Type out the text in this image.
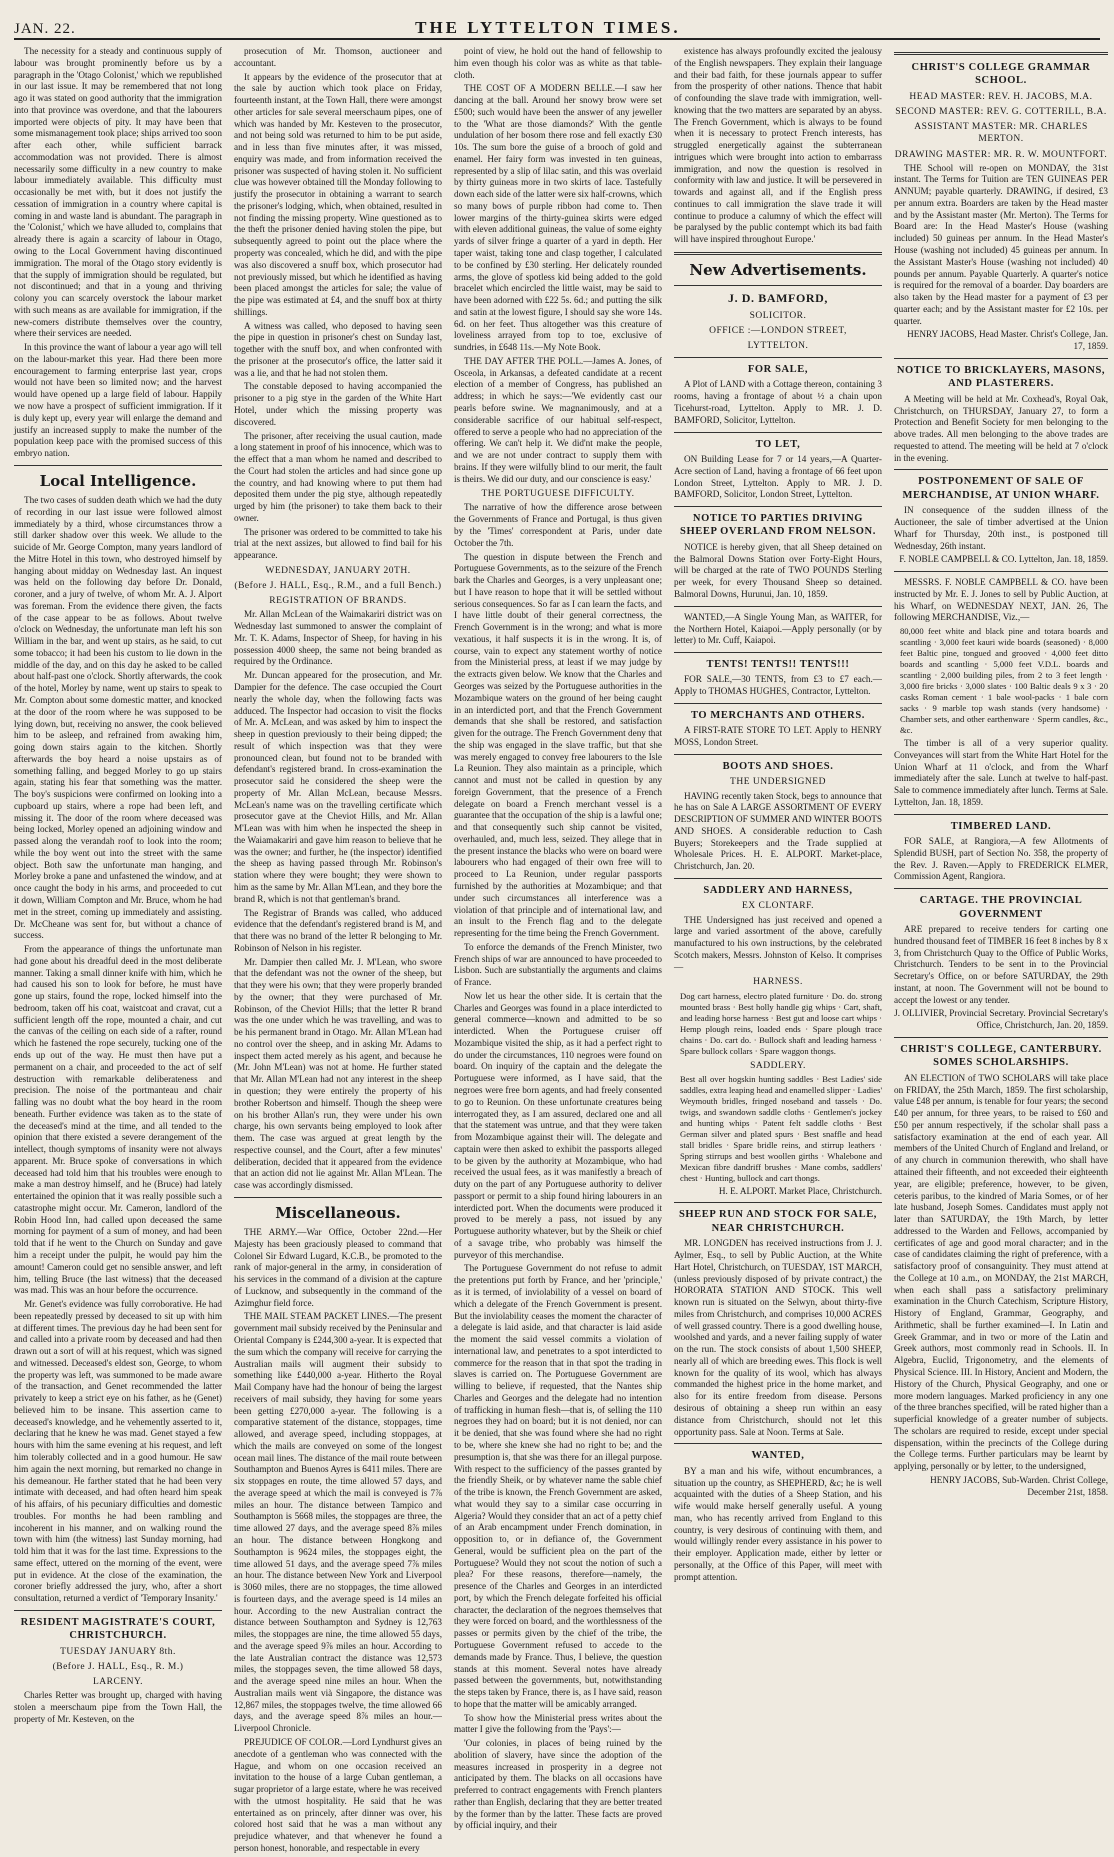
JAN. 22.	THE LYTTELTON TIMES.

The necessity for a steady and continuous supply of labour was brought prominently before us by a paragraph in the 'Otago Colonist,' which we republished in our last issue. It may be remembered that not long ago it was stated on good authority that the immigration into that province was overdone, and that the labourers imported were objects of pity. It may have been that some mismanagement took place; ships arrived too soon after each other, while sufficient barrack accommodation was not provided. There is almost necessarily some difficulty in a new country to make labour immediately available. This difficulty must occasionally be met with, but it does not justify the cessation of immigration in a country where capital is coming in and waste land is abundant. The paragraph in the 'Colonist,' which we have alluded to, complains that already there is again a scarcity of labour in Otago, owing to the Local Government having discontinued immigration. The moral of the Otago story evidently is that the supply of immigration should be regulated, but not discontinued; and that in a young and thriving colony you can scarcely overstock the labour market with such means as are available for immigration, if the new-comers distribute themselves over the country, where their services are needed.

In this province the want of labour a year ago will tell on the labour-market this year. Had there been more encouragement to farming enterprise last year, crops would not have been so limited now; and the harvest would have opened up a large field of labour. Happily we now have a prospect of sufficient immigration. If it is duly kept up, every year will enlarge the demand and justify an increased supply to make the number of the population keep pace with the promised success of this embryo nation.

Local Intelligence.

The two cases of sudden death which we had the duty of recording in our last issue were followed almost immediately by a third, whose circumstances throw a still darker shadow over this week. We allude to the suicide of Mr. George Compton, many years landlord of the Mitre Hotel in this town, who destroyed himself by hanging about midday on Wednesday last. An inquest was held on the following day before Dr. Donald, coroner, and a jury of twelve, of whom Mr. A. J. Alport was foreman. From the evidence there given, the facts of the case appear to be as follows. About twelve o'clock on Wednesday, the unfortunate man left his son William in the bar, and went up stairs, as he said, to cut some tobacco; it had been his custom to lie down in the middle of the day, and on this day he asked to be called about half-past one o'clock. Shortly afterwards, the cook of the hotel, Morley by name, went up stairs to speak to Mr. Compton about some domestic matter, and knocked at the door of the room where he was supposed to be lying down, but, receiving no answer, the cook believed him to be asleep, and refrained from awaking him, going down stairs again to the kitchen. Shortly afterwards the boy heard a noise upstairs as of something falling, and begged Morley to go up stairs again, stating his fear that something was the matter. The boy's suspicions were confirmed on looking into a cupboard up stairs, where a rope had been left, and missing it. The door of the room where deceased was being locked, Morley opened an adjoining window and passed along the verandah roof to look into the room; while the boy went out into the street with the same object. Both saw the unfortunate man hanging, and Morley broke a pane and unfastened the window, and at once caught the body in his arms, and proceeded to cut it down, William Compton and Mr. Bruce, whom he had met in the street, coming up immediately and assisting. Dr. McCheane was sent for, but without a chance of success.

From the appearance of things the unfortunate man had gone about his dreadful deed in the most deliberate manner. Taking a small dinner knife with him, which he had caused his son to look for before, he must have gone up stairs, found the rope, locked himself into the bedroom, taken off his coat, waistcoat and cravat, cut a sufficient length off the rope, mounted a chair, and cut the canvas of the ceiling on each side of a rafter, round which he fastened the rope securely, tucking one of the ends up out of the way. He must then have put a permanent on a chair, and proceeded to the act of self destruction with remarkable deliberateness and precision. The noise of the portmanteau and chair falling was no doubt what the boy heard in the room beneath. Further evidence was taken as to the state of the deceased's mind at the time, and all tended to the opinion that there existed a severe derangement of the intellect, though symptoms of insanity were not always apparent. Mr. Bruce spoke of conversations in which deceased had told him that his troubles were enough to make a man destroy himself, and he (Bruce) had lately entertained the opinion that it was really possible such a catastrophe might occur. Mr. Cameron, landlord of the Robin Hood Inn, had called upon deceased the same morning for payment of a sum of money, and had been told that if he went to the Church on Sunday and gave him a receipt under the pulpit, he would pay him the amount! Cameron could get no sensible answer, and left him, telling Bruce (the last witness) that the deceased was mad. This was an hour before the occurrence.

Mr. Genet's evidence was fully corroborative. He had been repeatedly pressed by deceased to sit up with him at different times. The previous day he had been sent for and called into a private room by deceased and had then drawn out a sort of will at his request, which was signed and witnessed. Deceased's eldest son, George, to whom the property was left, was summoned to be made aware of the transaction, and Genet recommended the latter privately to keep a strict eye on his father, as he (Genet) believed him to be insane. This assertion came to deceased's knowledge, and he vehemently asserted to it, declaring that he knew he was mad. Genet stayed a few hours with him the same evening at his request, and left him tolerably collected and in a good humour. He saw him again the next morning, but remarked no change in his demeanour. He farther stated that he had been very intimate with deceased, and had often heard him speak of his affairs, of his pecuniary difficulties and domestic troubles. For months he had been rambling and incoherent in his manner, and on walking round the town with him (the witness) last Sunday morning, had told him that it was for the last time. Expressions to the same effect, uttered on the morning of the event, were put in evidence. At the close of the examination, the coroner briefly addressed the jury, who, after a short consultation, returned a verdict of 'Temporary Insanity.'

RESIDENT MAGISTRATE'S COURT, CHRISTCHURCH.
TUESDAY JANUARY 8th.
(Before J. HALL, Esq., R. M.)
LARCENY.

Charles Retter was brought up, charged with having stolen a meerschaum pipe from the Town Hall, the property of Mr. Kesteven, on the

prosecution of Mr. Thomson, auctioneer and accountant.

It appears by the evidence of the prosecutor that at the sale by auction which took place on Friday, fourteenth instant, at the Town Hall, there were amongst other articles for sale several meerschaum pipes, one of which was handed by Mr. Kesteven to the prosecutor, and not being sold was returned to him to be put aside, and in less than five minutes after, it was missed, enquiry was made, and from information received the prisoner was suspected of having stolen it. No sufficient clue was however obtained till the Monday following to justify the prosecutor in obtaining a warrant to search the prisoner's lodging, which, when obtained, resulted in not finding the missing property. Wine questioned as to the theft the prisoner denied having stolen the pipe, but subsequently agreed to point out the place where the property was concealed, which he did, and with the pipe was also discovered a snuff box, which prosecutor had not previously missed, but which he identified as having been placed amongst the articles for sale; the value of the pipe was estimated at £4, and the snuff box at thirty shillings.

A witness was called, who deposed to having seen the pipe in question in prisoner's chest on Sunday last, together with the snuff box, and when confronted with the prisoner at the prosecutor's office, the latter said it was a lie, and that he had not stolen them.

The constable deposed to having accompanied the prisoner to a pig stye in the garden of the White Hart Hotel, under which the missing property was discovered.

The prisoner, after receiving the usual caution, made a long statement in proof of his innocence, which was to the effect that a man whom he named and described to the Court had stolen the articles and had since gone up the country, and had knowing where to put them had deposited them under the pig stye, although repeatedly urged by him (the prisoner) to take them back to their owner.

The prisoner was ordered to be committed to take his trial at the next assizes, but allowed to find bail for his appearance.

WEDNESDAY, JANUARY 20TH.
(Before J. HALL, Esq., R.M., and a full Bench.)
REGISTRATION OF BRANDS.

Mr. Allan McLean of the Waimakariri district was on Wednesday last summoned to answer the complaint of Mr. T. K. Adams, Inspector of Sheep, for having in his possession 4000 sheep, the same not being branded as required by the Ordinance.

Mr. Duncan appeared for the prosecution, and Mr. Dampier for the defence. The case occupied the Court nearly the whole day, when the following facts was adduced. The Inspector had occasion to visit the flocks of Mr. A. McLean, and was asked by him to inspect the sheep in question previously to their being dipped; the result of which inspection was that they were pronounced clean, but found not to be branded with defendant's registered brand. In cross-examination the prosecutor said he considered the sheep were the property of Mr. Allan McLean, because Messrs. McLean's name was on the travelling certificate which prosecutor gave at the Cheviot Hills, and Mr. Allan M'Lean was with him when he inspected the sheep in the Waiamakariri and gave him reason to believe that he was the owner; and further, he (the inspector) identified the sheep as having passed through Mr. Robinson's station where they were bought; they were shown to him as the same by Mr. Allan M'Lean, and they bore the brand R, which is not that gentleman's brand.

The Registrar of Brands was called, who adduced evidence that the defendant's registered brand is M, and that there was no brand of the letter R belonging to Mr. Robinson of Nelson in his register.

Mr. Dampier then called Mr. J. M'Lean, who swore that the defendant was not the owner of the sheep, but that they were his own; that they were properly branded by the owner; that they were purchased of Mr. Robinson, of the Cheviot Hills; that the letter R brand was the one under which he was travelling, and was to be his permanent brand in Otago. Mr. Allan M'Lean had no control over the sheep, and in asking Mr. Adams to inspect them acted merely as his agent, and because he (Mr. John M'Lean) was not at home. He further stated that Mr. Allan M'Lean had not any interest in the sheep in question; they were entirely the property of his brother Robertson and himself. Though the sheep were on his brother Allan's run, they were under his own charge, his own servants being employed to look after them. The case was argued at great length by the respective counsel, and the Court, after a few minutes' deliberation, decided that it appeared from the evidence that an action did not lie against Mr. Allan M'Lean. The case was accordingly dismissed.

Miscellaneous.

THE ARMY.—War Office, October 22nd.—Her Majesty has been graciously pleased to command that Colonel Sir Edward Lugard, K.C.B., be promoted to the rank of major-general in the army, in consideration of his services in the command of a division at the capture of Lucknow, and subsequently in the command of the Azimghur field force.

THE MAIL STEAM PACKET LINES.—The present government mail subsidy received by the Peninsular and Oriental Company is £244,300 a-year. It is expected that the sum which the company will receive for carrying the Australian mails will augment their subsidy to something like £440,000 a-year. Hitherto the Royal Mail Company have had the honour of being the largest receivers of mail subsidy, they having for some years been getting £270,000 a-year. The following is a comparative statement of the distance, stoppages, time allowed, and average speed, including stoppages, at which the mails are conveyed on some of the longest ocean mail lines. The distance of the mail route between Southampton and Buenos Ayres is 6411 miles. There are six stoppages en route, the time allowed 57 days, and the average speed at which the mail is conveyed is 7⅞ miles an hour. The distance between Tampico and Southampton is 5668 miles, the stoppages are three, the time allowed 27 days, and the average speed 8⅞ miles an hour. The distance between Hongkong and Southampton is 9624 miles, the stoppages eight, the time allowed 51 days, and the average speed 7⅞ miles an hour. The distance between New York and Liverpool is 3060 miles, there are no stoppages, the time allowed is fourteen days, and the average speed is 14 miles an hour. According to the new Australian contract the distance between Southampton and Sydney is 12,763 miles, the stoppages are nine, the time allowed 55 days, and the average speed 9⅞ miles an hour. According to the late Australian contract the distance was 12,573 miles, the stoppages seven, the time allowed 58 days, and the average speed nine miles an hour. When the Australian mails went vià Singapore, the distance was 12,867 miles, the stoppages twelve, the time allowed 66 days, and the average speed 8⅞ miles an hour.—Liverpool Chronicle.

PREJUDICE OF COLOR.—Lord Lyndhurst gives an anecdote of a gentleman who was connected with the Hague, and whom on one occasion received an invitation to the house of a large Cuban gentleman, a sugar proprietor of a large estate, where he was received with the utmost hospitality. He said that he was entertained as on princely, after dinner was over, his colored host said that he was a man without any prejudice whatever, and that whenever he found a person honest, honorable, and respectable in every

point of view, he hold out the hand of fellowship to him even though his color was as white as that table-cloth.

THE COST OF A MODERN BELLE.—I saw her dancing at the ball. Around her snowy brow were set £500; such would have been the answer of any jeweller to the 'What are those diamonds?' With the gentle undulation of her bosom there rose and fell exactly £30 10s. The sum bore the guise of a brooch of gold and enamel. Her fairy form was invested in ten guineas, represented by a slip of lilac satin, and this was overlaid by thirty guineas more in two skirts of lace. Tastefully down each side of the latter were six half-crowns, which so many bows of purple ribbon had come to. Then lower margins of the thirty-guinea skirts were edged with eleven additional guineas, the value of some eighty yards of silver fringe a quarter of a yard in depth. Her taper waist, taking tone and clasp together, I calculated to be confined by £30 sterling. Her delicately rounded arms, the glove of spotless kid being added to the gold bracelet which encircled the little waist, may be said to have been adorned with £22 5s. 6d.; and putting the silk and satin at the lowest figure, I should say she wore 14s. 6d. on her feet. Thus altogether was this creature of loveliness arrayed from top to toe, exclusive of sundries, in £648 11s.—My Note Book.

THE DAY AFTER THE POLL.—James A. Jones, of Osceola, in Arkansas, a defeated candidate at a recent election of a member of Congress, has published an address; in which he says:—'We evidently cast our pearls before swine. We magnanimously, and at a considerable sacrifice of our habitual self-respect, offered to serve a people who had no appreciation of the offering. We can't help it. We did'nt make the people, and we are not under contract to supply them with brains. If they were wilfully blind to our merit, the fault is theirs. We did our duty, and our conscience is easy.'

THE PORTUGUESE DIFFICULTY.

The narrative of how the difference arose between the Governments of France and Portugal, is thus given by the 'Times' correspondent at Paris, under date October the 7th.

The question in dispute between the French and Portuguese Governments, as to the seizure of the French bark the Charles and Georges, is a very unpleasant one; but I have reason to hope that it will be settled without serious consequences. So far as I can learn the facts, and I have little doubt of their general correctness, the French Government is in the wrong; and what is more vexatious, it half suspects it is in the wrong. It is, of course, vain to expect any statement worthy of notice from the Ministerial press, at least if we may judge by the extracts given below. We know that the Charles and Georges was seized by the Portuguese authorities in the Mozambique waters on the ground of her being caught in an interdicted port, and that the French Government demands that she shall be restored, and satisfaction given for the outrage. The French Government deny that the ship was engaged in the slave traffic, but that she was merely engaged to convey free labourers to the Isle La Reunion. They also maintain as a principle, which cannot and must not be called in question by any foreign Government, that the presence of a French delegate on board a French merchant vessel is a guarantee that the occupation of the ship is a lawful one; and that consequently such ship cannot be visited, overhauled, and, much less, seized. They allege that in the present instance the blacks who were on board were labourers who had engaged of their own free will to proceed to La Reunion, under regular passports furnished by the authorities at Mozambique; and that under such circumstances all interference was a violation of that principle and of international law, and an insult to the French flag and to the delegate representing for the time being the French Government.

To enforce the demands of the French Minister, two French ships of war are announced to have proceeded to Lisbon. Such are substantially the arguments and claims of France.

Now let us hear the other side. It is certain that the Charles and Georges was found in a place interdicted to general commerce—known and admitted to be so interdicted. When the Portuguese cruiser off Mozambique visited the ship, as it had a perfect right to do under the circumstances, 110 negroes were found on board. On inquiry of the captain and the delegate the Portuguese were informed, as I have said, that the negroes were free born agents, and had freely consented to go to Reunion. On these unfortunate creatures being interrogated they, as I am assured, declared one and all that the statement was untrue, and that they were taken from Mozambique against their will. The delegate and captain were then asked to exhibit the passports alleged to be given by the authority at Mozambique, who had received the usual fees, as it was manifestly a breach of duty on the part of any Portuguese authority to deliver passport or permit to a ship found hiring labourers in an interdicted port. When the documents were produced it proved to be merely a pass, not issued by any Portuguese authority whatever, but by the Sheik or chief of a savage tribe, who probably was himself the purveyor of this merchandise.

The Portuguese Government do not refuse to admit the pretentions put forth by France, and her 'principle,' as it is termed, of inviolability of a vessel on board of which a delegate of the French Government is present. But the inviolability ceases the moment the character of a delegate is laid aside, and that character is laid aside the moment the said vessel commits a violation of international law, and penetrates to a spot interdicted to commerce for the reason that in that spot the trading in slaves is carried on. The Portuguese Government are willing to believe, if requested, that the Nantes ship Charles and Georges and the delegate had no intention of trafficking in human flesh—that is, of selling the 110 negroes they had on board; but it is not denied, nor can it be denied, that she was found where she had no right to be, where she knew she had no right to be; and the presumption is, that she was there for an illegal purpose. With respect to the sufficiency of the passes granted by the friendly Sheik, or by whatever name the sable chief of the tribe is known, the French Government are asked, what would they say to a similar case occurring in Algeria? Would they consider that an act of a petty chief of an Arab encampment under French domination, in opposition to, or in defiance of, the Government General, would be sufficient plea on the part of the Portuguese? Would they not scout the notion of such a plea? For these reasons, therefore—namely, the presence of the Charles and Georges in an interdicted port, by which the French delegate forfeited his official character, the declaration of the negroes themselves that they were forced on board, and the worthlessness of the passes or permits given by the chief of the tribe, the Portuguese Government refused to accede to the demands made by France. Thus, I believe, the question stands at this moment. Several notes have already passed between the governments, but, notwithstanding the steps taken by France, there is, as I have said, reason to hope that the matter will be amicably arranged.

To show how the Ministerial press writes about the matter I give the following from the 'Pays':—

'Our colonies, in places of being ruined by the abolition of slavery, have since the adoption of the measures increased in prosperity in a degree not anticipated by them. The blacks on all occasions have preferred to contract engagements with French planters rather than English, declaring that they are better treated by the former than by the latter. These facts are proved by official inquiry, and their

existence has always profoundly excited the jealousy of the English newspapers. They explain their language and their bad faith, for these journals appear to suffer from the prosperity of other nations. Thence that habit of confounding the slave trade with immigration, well-knowing that the two matters are separated by an abyss. The French Government, which is always to be found when it is necessary to protect French interests, has struggled energetically against the subterranean intrigues which were brought into action to embarrass immigration, and now the question is resolved in conformity with law and justice. It will be persevered in towards and against all, and if the English press continues to call immigration the slave trade it will continue to produce a calumny of which the effect will be paralysed by the public contempt which its bad faith will have inspired throughout Europe.'

New Advertisements.
J. D. BAMFORD,
SOLICITOR.
OFFICE :—LONDON STREET,
LYTTELTON.
FOR SALE,

A Plot of LAND with a Cottage thereon, containing 3 rooms, having a frontage of about ½ a chain upon Ticehurst-road, Lyttelton. Apply to MR. J. D. BAMFORD, Solicitor, Lyttelton.

TO LET,

ON Building Lease for 7 or 14 years,—A Quarter-Acre section of Land, having a frontage of 66 feet upon London Street, Lyttelton. Apply to MR. J. D. BAMFORD, Solicitor, London Street, Lyttelton.

NOTICE TO PARTIES DRIVING SHEEP OVERLAND FROM NELSON.

NOTICE is hereby given, that all Sheep detained on the Balmoral Downs Station over Forty-Eight Hours, will be charged at the rate of TWO POUNDS Sterling per week, for every Thousand Sheep so detained. Balmoral Downs, Hurunui, Jan. 10, 1859.

WANTED,—A Single Young Man, as WAITER, for the Northern Hotel, Kaiapoi.—Apply personally (or by letter) to Mr. Cuff, Kaiapoi.

TENTS! TENTS!! TENTS!!!

FOR SALE,—30 TENTS, from £3 to £7 each.—Apply to THOMAS HUGHES, Contractor, Lyttelton.

TO MERCHANTS AND OTHERS.

A FIRST-RATE STORE TO LET. Apply to HENRY MOSS, London Street.

BOOTS AND SHOES.
THE UNDERSIGNED

HAVING recently taken Stock, begs to announce that he has on Sale A LARGE ASSORTMENT OF EVERY DESCRIPTION OF SUMMER AND WINTER BOOTS AND SHOES. A considerable reduction to Cash Buyers; Storekeepers and the Trade supplied at Wholesale Prices. H. E. ALPORT. Market-place, Christchurch, Jan. 20.

SADDLERY AND HARNESS,
EX CLONTARF.

THE Undersigned has just received and opened a large and varied assortment of the above, carefully manufactured to his own instructions, by the celebrated Scotch makers, Messrs. Johnston of Kelso. It comprises—

HARNESS.

Dog cart harness, electro plated furniture · Do. do. strong mounted brass · Best holly handle gig whips · Cart, shaft, and leading horse harness · Best gut and loose cart whips · Hemp plough reins, loaded ends · Spare plough trace chains · Do. cart do. · Bullock shaft and leading harness · Spare bullock collars · Spare waggon thongs.

SADDLERY.

Best all over hogskin hunting saddles · Best Ladies' side saddles, extra leaping head and enamelled slipper · Ladies' Weymouth bridles, fringed noseband and tassels · Do. twigs, and swandown saddle cloths · Gentlemen's jockey and hunting whips · Patent felt saddle cloths · Best German silver and plated spurs · Best snaffle and head stall bridles · Spare bridle reins, and stirrup leathers · Spring stirrups and best woollen girths · Whalebone and Mexican fibre dandriff brushes · Mane combs, saddlers' chest · Hunting, bullock and cart thongs.

H. E. ALPORT. Market Place, Christchurch.

SHEEP RUN AND STOCK FOR SALE, NEAR CHRISTCHURCH.

MR. LONGDEN has received instructions from J. J. Aylmer, Esq., to sell by Public Auction, at the White Hart Hotel, Christchurch, on TUESDAY, 1ST MARCH, (unless previously disposed of by private contract,) the HORORATA STATION AND STOCK. This well known run is situated on the Selwyn, about thirty-five miles from Christchurch, and comprises 10,000 ACRES of well grassed country. There is a good dwelling house, woolshed and yards, and a never failing supply of water on the run. The stock consists of about 1,500 SHEEP, nearly all of which are breeding ewes. This flock is well known for the quality of its wool, which has always commanded the highest price in the home market, and also for its entire freedom from disease. Persons desirous of obtaining a sheep run within an easy distance from Christchurch, should not let this opportunity pass. Sale at Noon. Terms at Sale.

WANTED,

BY a man and his wife, without encumbrances, a situation up the country, as SHEPHERD, &c; he is well acquainted with the duties of a Sheep Station, and his wife would make herself generally useful. A young man, who has recently arrived from England to this country, is very desirous of continuing with them, and would willingly render every assistance in his power to their employer. Application made, either by letter or personally, at the Office of this Paper, will meet with prompt attention.

CHRIST'S COLLEGE GRAMMAR SCHOOL.
HEAD MASTER: REV. H. JACOBS, M.A.
SECOND MASTER: REV. G. COTTERILL, B.A.
ASSISTANT MASTER: MR. CHARLES MERTON.
DRAWING MASTER: MR. R. W. MOUNTFORT.

THE School will re-open on MONDAY, the 31st instant. The Terms for Tuition are TEN GUINEAS PER ANNUM; payable quarterly. DRAWING, if desired, £3 per annum extra. Boarders are taken by the Head master and by the Assistant master (Mr. Merton). The Terms for Board are: In the Head Master's House (washing included) 50 guineas per annum. In the Head Master's House (washing not included) 45 guineas per annum. In the Assistant Master's House (washing not included) 40 pounds per annum. Payable Quarterly. A quarter's notice is required for the removal of a boarder. Day boarders are also taken by the Head master for a payment of £3 per quarter each; and by the Assistant master for £2 10s. per quarter.

HENRY JACOBS, Head Master. Christ's College, Jan. 17, 1859.

NOTICE TO BRICKLAYERS, MASONS, AND PLASTERERS.

A Meeting will be held at Mr. Coxhead's, Royal Oak, Christchurch, on THURSDAY, January 27, to form a Protection and Benefit Society for men belonging to the above trades. All men belonging to the above trades are requested to attend. The meeting will be held at 7 o'clock in the evening.

POSTPONEMENT OF SALE OF MERCHANDISE, AT UNION WHARF.

IN consequence of the sudden illness of the Auctioneer, the sale of timber advertised at the Union Wharf for Thursday, 20th inst., is postponed till Wednesday, 26th instant.

F. NOBLE CAMPBELL & CO. Lyttelton, Jan. 18, 1859.

MESSRS. F. NOBLE CAMPBELL & CO. have been instructed by Mr. E. J. Jones to sell by Public Auction, at his Wharf, on WEDNESDAY NEXT, JAN. 26, The following MERCHANDISE, Viz.,—

80,000 feet white and black pine and totara boards and scantling · 3,000 feet kauri wide boards (seasoned) · 8,000 feet Baltic pine, tongued and grooved · 4,000 feet ditto boards and scantling · 5,000 feet V.D.L. boards and scantling · 2,000 building piles, from 2 to 3 feet length · 3,000 fire bricks · 3,000 slates · 100 Baltic deals 9 x 3 · 20 casks Roman cement · 1 bale wool-packs · 1 bale corn sacks · 9 marble top wash stands (very handsome) · Chamber sets, and other earthenware · Sperm candles, &c., &c.

The timber is all of a very superior quality. Conveyances will start from the White Hart Hotel for the Union Wharf at 11 o'clock, and from the Wharf immediately after the sale. Lunch at twelve to half-past. Sale to commence immediately after lunch. Terms at Sale. Lyttelton, Jan. 18, 1859.

TIMBERED LAND.

FOR SALE, at Rangiora,—A few Allotments of Splendid BUSH, part of Section No. 358, the property of the Rev. J. Raven.—Apply to FREDERICK ELMER, Commission Agent, Rangiora.

CARTAGE. THE PROVINCIAL GOVERNMENT

ARE prepared to receive tenders for carting one hundred thousand feet of TIMBER 16 feet 8 inches by 8 x 3, from Christchurch Quay to the Office of Public Works, Christchurch. Tenders to be sent in to the Provincial Secretary's Office, on or before SATURDAY, the 29th instant, at noon. The Government will not be bound to accept the lowest or any tender.

J. OLLIVIER, Provincial Secretary. Provincial Secretary's Office, Christchurch, Jan. 20, 1859.

CHRIST'S COLLEGE, CANTERBURY. SOMES SCHOLARSHIPS.

AN ELECTION of TWO SCHOLARS will take place on FRIDAY, the 25th March, 1859. The first scholarship, value £48 per annum, is tenable for four years; the second £40 per annum, for three years, to be raised to £60 and £50 per annum respectively, if the scholar shall pass a satisfactory examination at the end of each year. All members of the United Church of England and Ireland, or of any church in communion therewith, who shall have attained their fifteenth, and not exceeded their eighteenth year, are eligible; preference, however, to be given, ceteris paribus, to the kindred of Maria Somes, or of her late husband, Joseph Somes. Candidates must apply not later than SATURDAY, the 19th March, by letter addressed to the Warden and Fellows, accompanied by certificates of age and good moral character; and in the case of candidates claiming the right of preference, with a satisfactory proof of consanguinity. They must attend at the College at 10 a.m., on MONDAY, the 21st MARCH, when each shall pass a satisfactory preliminary examination in the Church Catechism, Scripture History, History of England, Grammar, Geography, and Arithmetic, shall be further examined—I. In Latin and Greek Grammar, and in two or more of the Latin and Greek authors, most commonly read in Schools. II. In Algebra, Euclid, Trigonometry, and the elements of Physical Science. III. In History, Ancient and Modern, the History of the Church, Physical Geography, and one or more modern languages. Marked proficiency in any one of the three branches specified, will be rated higher than a superficial knowledge of a greater number of subjects. The scholars are required to reside, except under special dispensation, within the precincts of the College during the College terms. Further particulars may be learnt by applying, personally or by letter, to the undersigned,

HENRY JACOBS, Sub-Warden. Christ College, December 21st, 1858.
